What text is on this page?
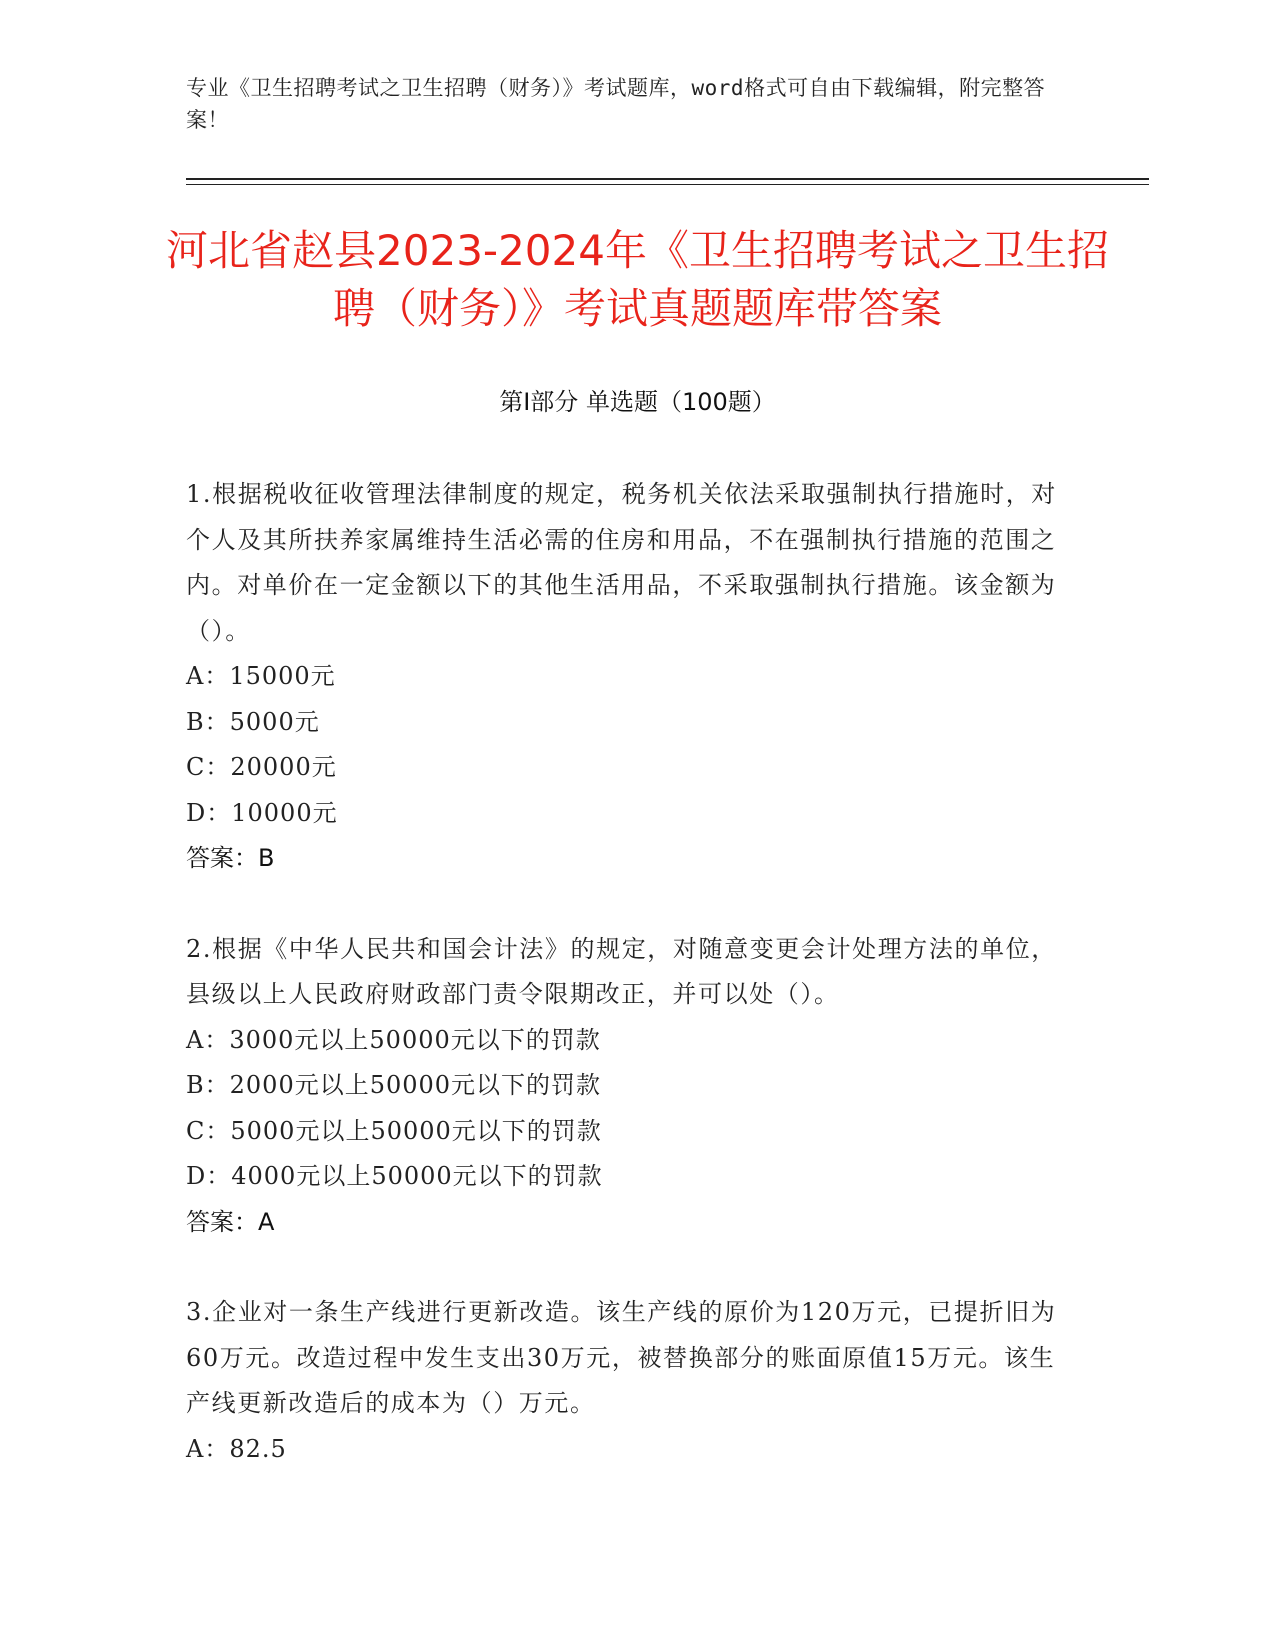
专业《卫生招聘考试之卫生招聘（财务）》考试题库，word格式可自由下载编辑，附完整答案！
河北省赵县2023-2024年《卫生招聘考试之卫生招聘（财务）》考试真题题库带答案
第Ⅰ部分 单选题（100题）
1.根据税收征收管理法律制度的规定，税务机关依法采取强制执行措施时，对个人及其所扶养家属维持生活必需的住房和用品，不在强制执行措施的范围之内。对单价在一定金额以下的其他生活用品，不采取强制执行措施。该金额为（）。
A：15000元
B：5000元
C：20000元
D：10000元
答案：B
2.根据《中华人民共和国会计法》的规定，对随意变更会计处理方法的单位，县级以上人民政府财政部门责令限期改正，并可以处（）。
A：3000元以上50000元以下的罚款
B：2000元以上50000元以下的罚款
C：5000元以上50000元以下的罚款
D：4000元以上50000元以下的罚款
答案：A
3.企业对一条生产线进行更新改造。该生产线的原价为120万元，已提折旧为60万元。改造过程中发生支出30万元，被替换部分的账面原值15万元。该生产线更新改造后的成本为（）万元。
A：82.5
